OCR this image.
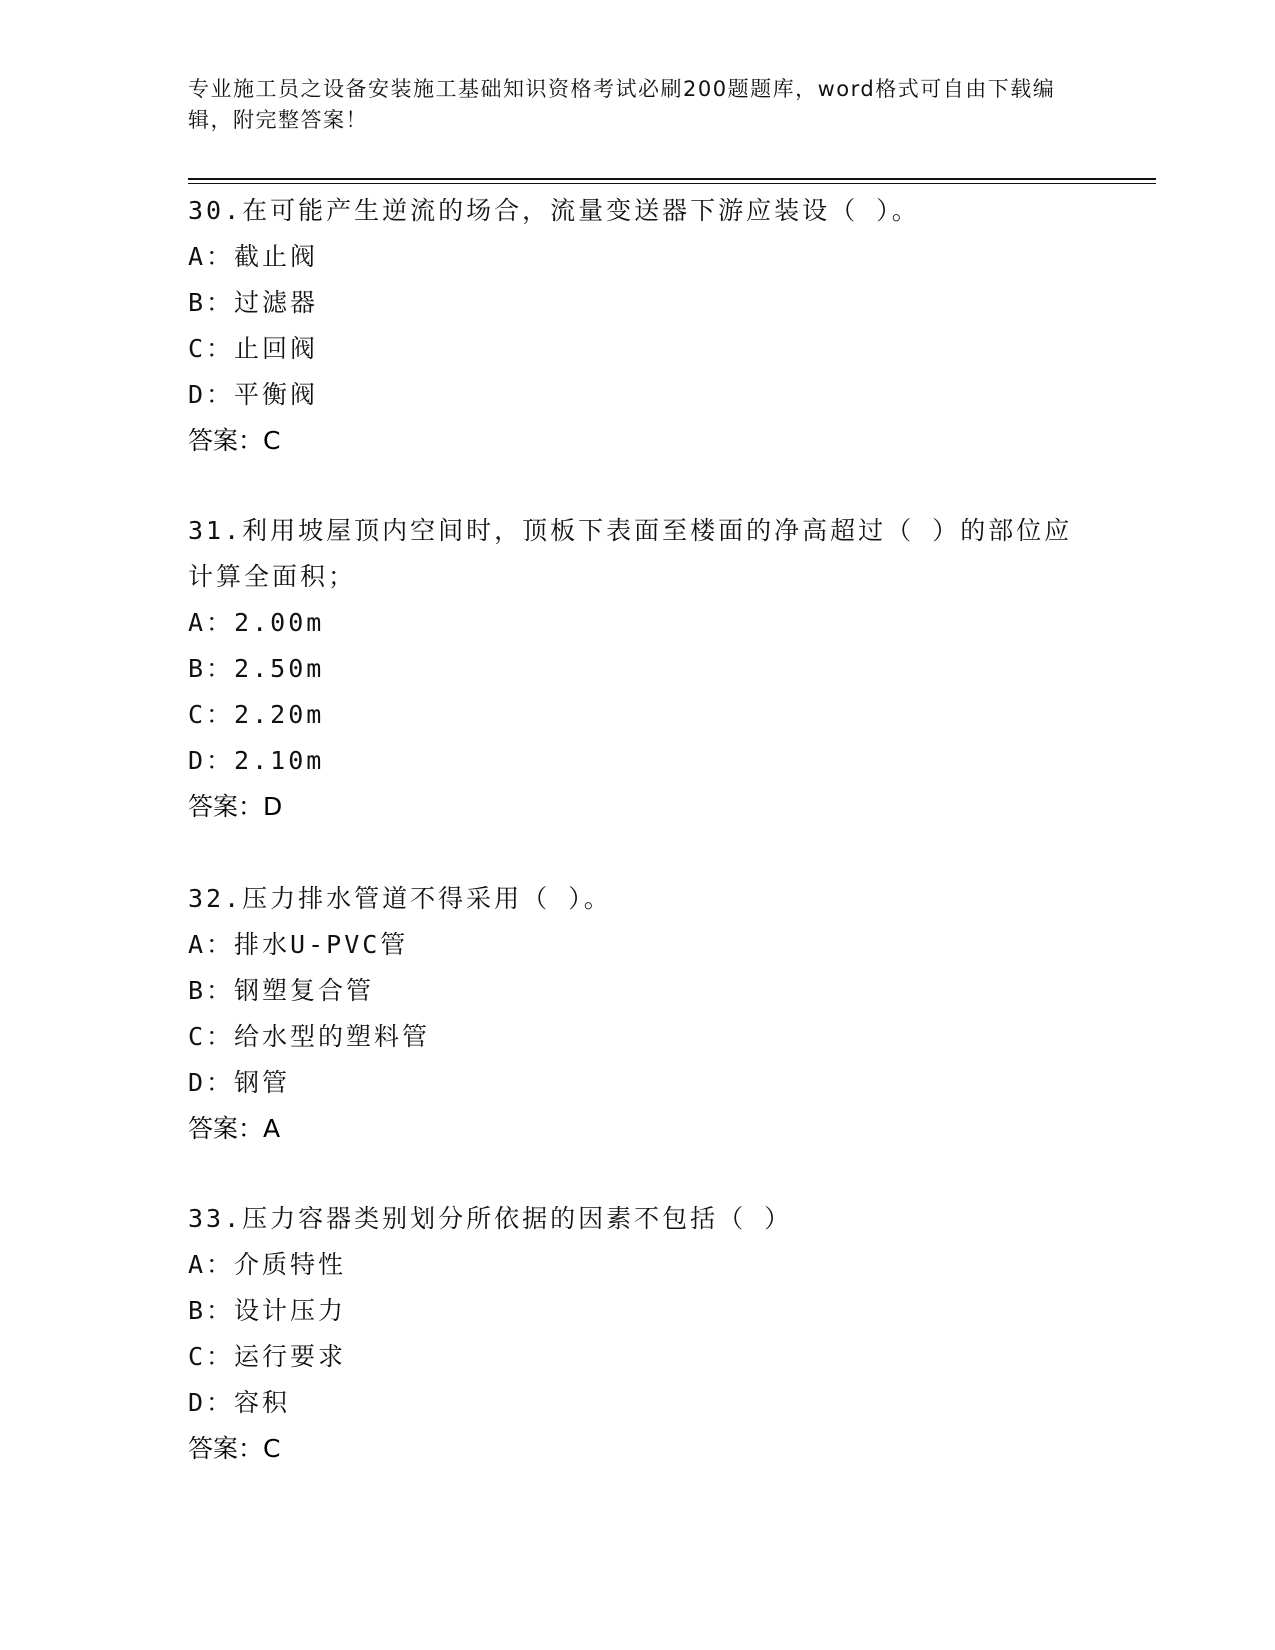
专业施工员之设备安装施工基础知识资格考试必刷200题题库，word格式可自由下载编辑，附完整答案！
30.在可能产生逆流的场合，流量变送器下游应装设（ ）。
A：截止阀
B：过滤器
C：止回阀
D：平衡阀
答案：C
31.利用坡屋顶内空间时，顶板下表面至楼面的净高超过（ ）的部位应计算全面积；
A：2.00m
B：2.50m
C：2.20m
D：2.10m
答案：D
32.压力排水管道不得采用（ ）。
A：排水U-PVC管
B：钢塑复合管
C：给水型的塑料管
D：钢管
答案：A
33.压力容器类别划分所依据的因素不包括（ ）
A：介质特性
B：设计压力
C：运行要求
D：容积
答案：C
